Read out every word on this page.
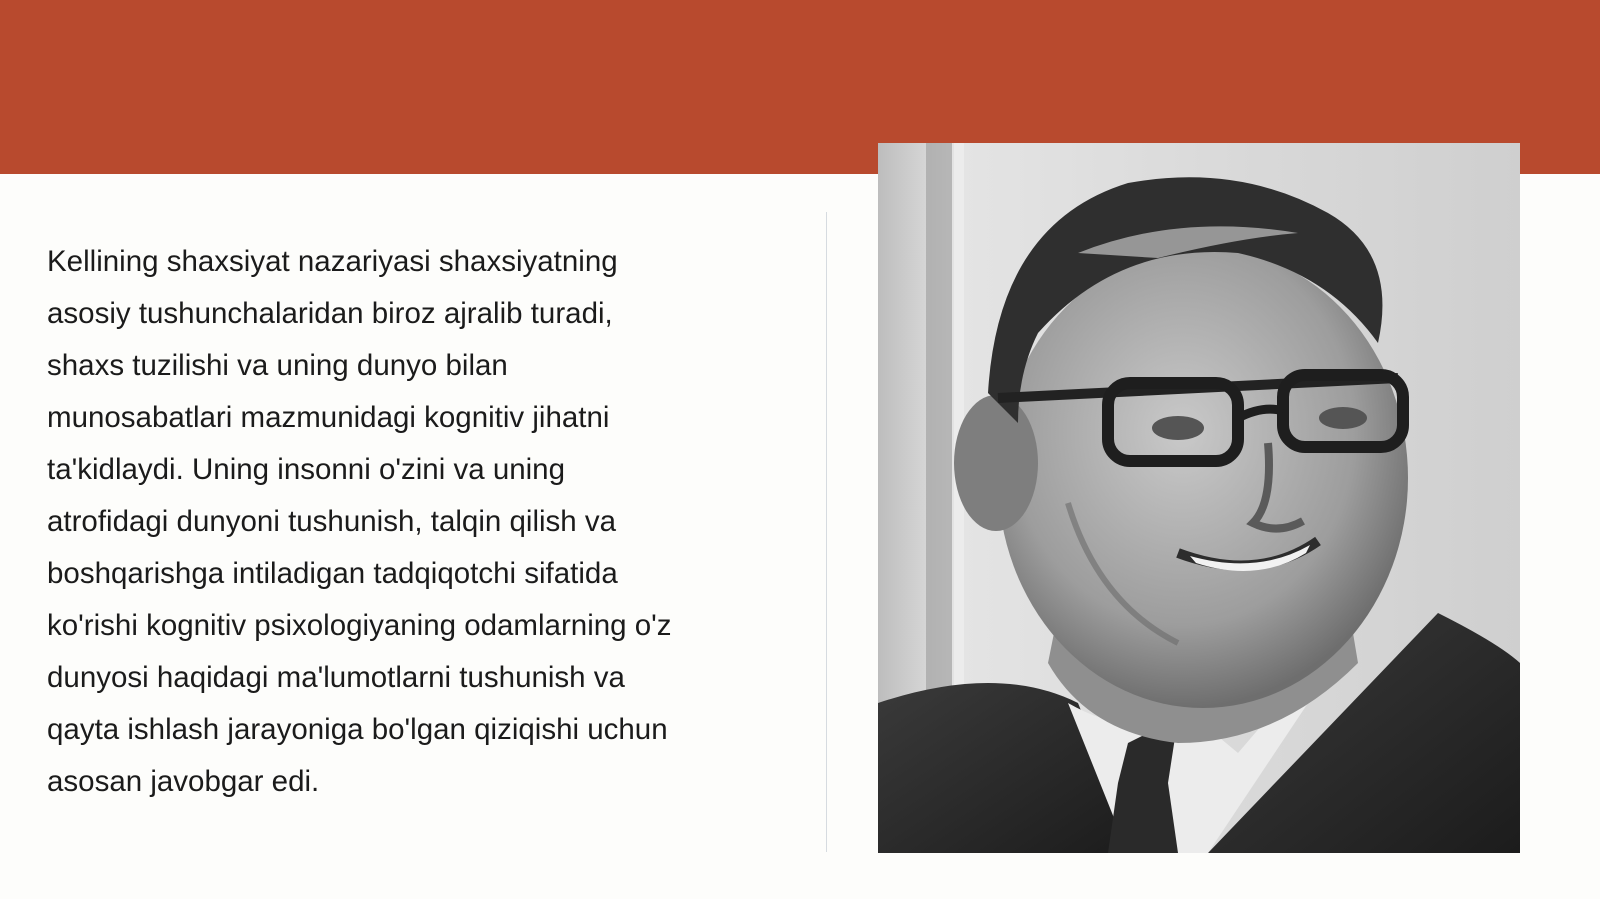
Kellining shaxsiyat nazariyasi shaxsiyatning
asosiy tushunchalaridan biroz ajralib turadi,
shaxs tuzilishi va uning dunyo bilan
munosabatlari mazmunidagi kognitiv jihatni
ta'kidlaydi. Uning insonni o'zini va uning
atrofidagi dunyoni tushunish, talqin qilish va
boshqarishga intiladigan tadqiqotchi sifatida
ko'rishi kognitiv psixologiyaning odamlarning o'z
dunyosi haqidagi ma'lumotlarni tushunish va
qayta ishlash jarayoniga bo'lgan qiziqishi uchun
asosan javobgar edi.
